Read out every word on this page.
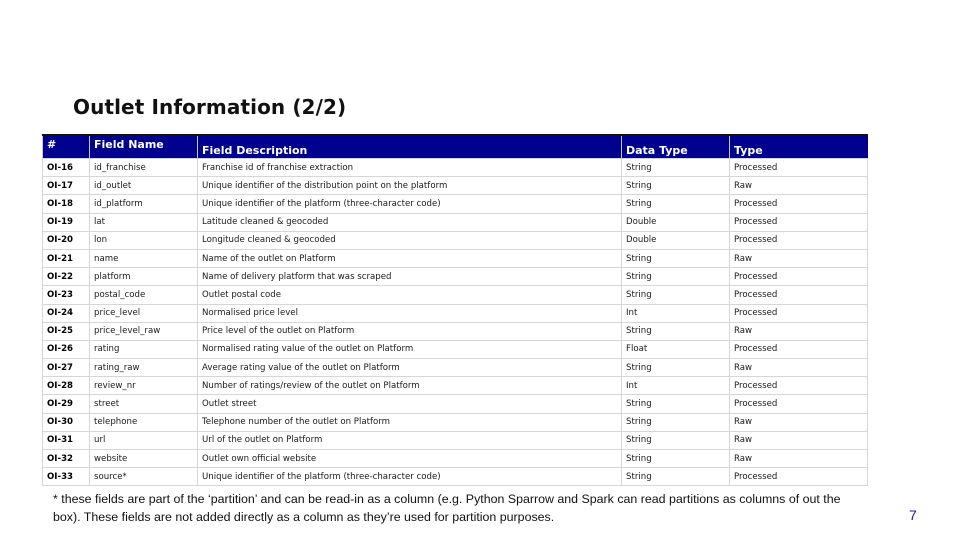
Outlet Information (2/2)
#	Field Name	Field Description	Data Type	Type
OI-16	id_franchise	Franchise id of franchise extraction	String	Processed
OI-17	id_outlet	Unique identifier of the distribution point on the platform	String	Raw
OI-18	id_platform	Unique identifier of the platform (three-character code)	String	Processed
OI-19	lat	Latitude cleaned & geocoded	Double	Processed
OI-20	lon	Longitude cleaned & geocoded	Double	Processed
OI-21	name	Name of the outlet on Platform	String	Raw
OI-22	platform	Name of delivery platform that was scraped	String	Processed
OI-23	postal_code	Outlet postal code	String	Processed
OI-24	price_level	Normalised price level	Int	Processed
OI-25	price_level_raw	Price level of the outlet on Platform	String	Raw
OI-26	rating	Normalised rating value of the outlet on Platform	Float	Processed
OI-27	rating_raw	Average rating value of the outlet on Platform	String	Raw
OI-28	review_nr	Number of ratings/review of the outlet on Platform	Int	Processed
OI-29	street	Outlet street	String	Processed
OI-30	telephone	Telephone number of the outlet on Platform	String	Raw
OI-31	url	Url of the outlet on Platform	String	Raw
OI-32	website	Outlet own official website	String	Raw
OI-33	source*	Unique identifier of the platform (three-character code)	String	Processed
* these fields are part of the ‘partition’ and can be read-in as a column (e.g. Python Sparrow and Spark can read partitions as columns of out the box). These fields are not added directly as a column as they’re used for partition purposes.	7
